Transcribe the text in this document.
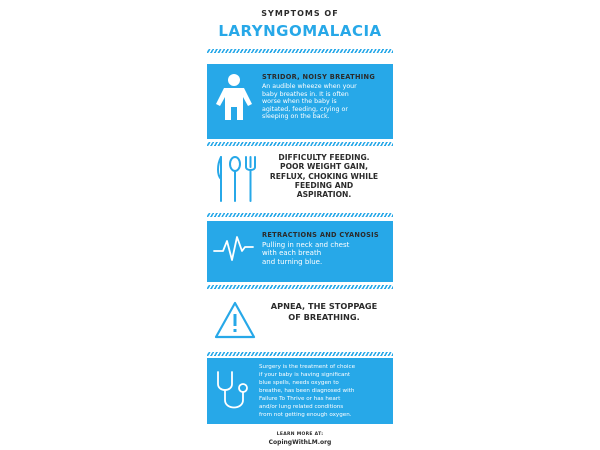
SYMPTOMS OF
LARYNGOMALACIA
STRIDOR, NOISY BREATHING
An audible wheeze when your
baby breathes in. It is often
worse when the baby is
agitated, feeding, crying or
sleeping on the back.
DIFFICULTY FEEDING.
POOR WEIGHT GAIN,
REFLUX, CHOKING WHILE
FEEDING AND
ASPIRATION.
RETRACTIONS AND CYANOSIS
Pulling in neck and chest
with each breath
and turning blue.
APNEA, THE STOPPAGE
OF BREATHING.
Surgery is the treatment of choice
if your baby is having significant
blue spells, needs oxygen to
breathe, has been diagnosed with
Failure To Thrive or has heart
and/or lung related conditions
from not getting enough oxygen.
LEARN MORE AT:
CopingWithLM.org
